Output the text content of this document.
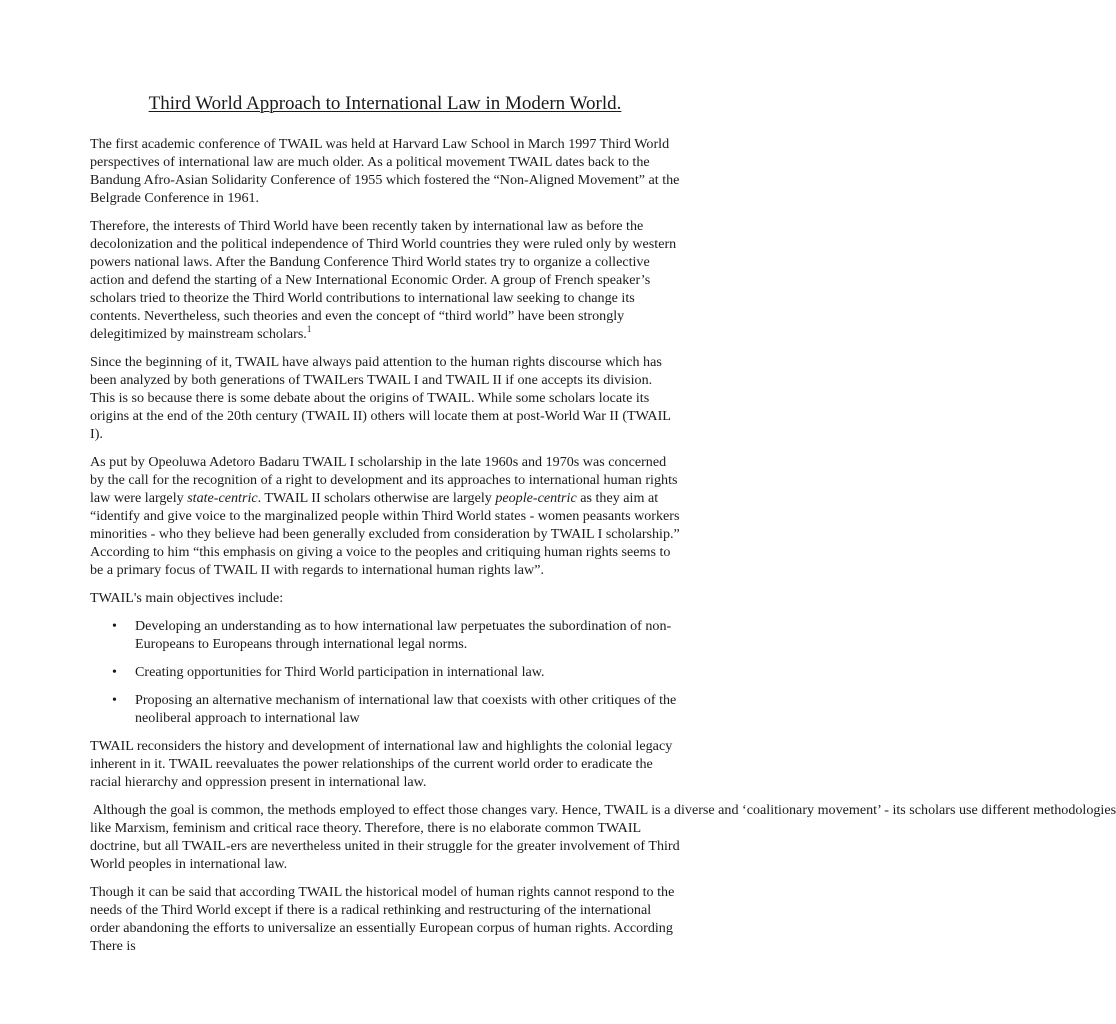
Third World Approach to International Law in Modern World.

The first academic conference of TWAIL was held at Harvard Law School in March 1997 Third World perspectives of international law are much older. As a political movement TWAIL dates back to the Bandung Afro-Asian Solidarity Conference of 1955 which fostered the “Non-Aligned Movement” at the Belgrade Conference in 1961.

Therefore, the interests of Third World have been recently taken by international law as before the decolonization and the political independence of Third World countries they were ruled only by western powers national laws. After the Bandung Conference Third World states try to organize a collective action and defend the starting of a New International Economic Order. A group of French speaker’s scholars tried to theorize the Third World contributions to international law seeking to change its contents. Nevertheless, such theories and even the concept of “third world” have been strongly delegitimized by mainstream scholars.$^1$

Since the beginning of it, TWAIL have always paid attention to the human rights discourse which has been analyzed by both generations of TWAILers TWAIL I and TWAIL II if one accepts its division. This is so because there is some debate about the origins of TWAIL. While some scholars locate its origins at the end of the 20th century (TWAIL II) others will locate them at post-World War II (TWAIL I).

As put by Opeoluwa Adetoro Badaru TWAIL I scholarship in the late 1960s and 1970s was concerned by the call for the recognition of a right to development and its approaches to international human rights law were largely state-centric. TWAIL II scholars otherwise are largely people-centric as they aim at “identify and give voice to the marginalized people within Third World states - women peasants workers minorities - who they believe had been generally excluded from consideration by TWAIL I scholarship.” According to him “this emphasis on giving a voice to the peoples and critiquing human rights seems to be a primary focus of TWAIL II with regards to international human rights law”.

TWAIL's main objectives include:

• Developing an understanding as to how international law perpetuates the subordination of non-Europeans to Europeans through international legal norms.
• Creating opportunities for Third World participation in international law.
• Proposing an alternative mechanism of international law that coexists with other critiques of the neoliberal approach to international law

TWAIL reconsiders the history and development of international law and highlights the colonial legacy inherent in it. TWAIL reevaluates the power relationships of the current world order to eradicate the racial hierarchy and oppression present in international law.

Although the goal is common, the methods employed to effect those changes vary. Hence, TWAIL is a diverse and ‘coalitionary movement’ - its scholars use different methodologies
like Marxism, feminism and critical race theory. Therefore, there is no elaborate common TWAIL doctrine, but all TWAIL-ers are nevertheless united in their struggle for the greater involvement of Third World peoples in international law.

Though it can be said that according TWAIL the historical model of human rights cannot respond to the needs of the Third World except if there is a radical rethinking and restructuring of the international order abandoning the efforts to universalize an essentially European corpus of human rights. According There is
